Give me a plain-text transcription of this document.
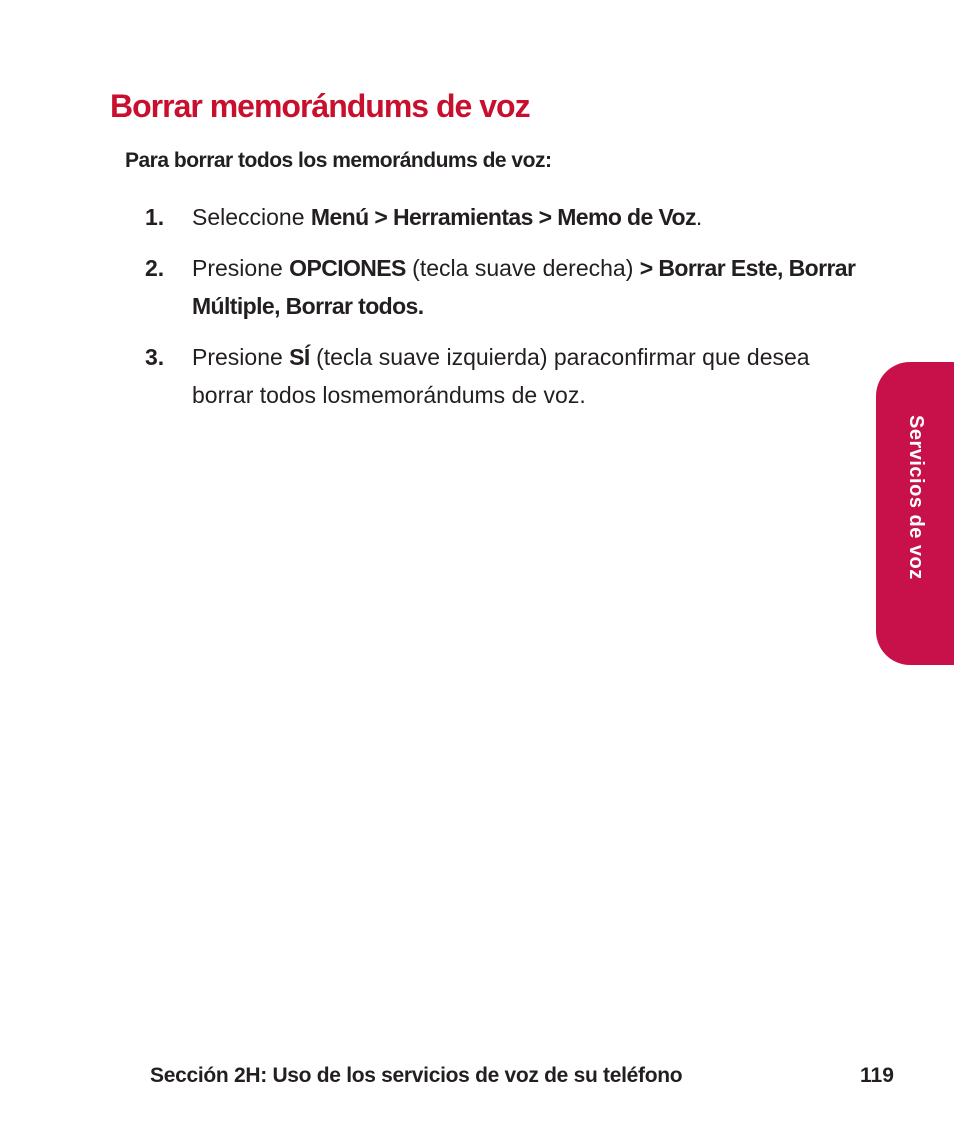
Borrar memorándums de voz

Para borrar todos los memorándums de voz:

1. Seleccione Menú > Herramientas > Memo de Voz.
2. Presione OPCIONES (tecla suave derecha) > Borrar Este, Borrar Múltiple, Borrar todos.
3. Presione SÍ (tecla suave izquierda) paraconfirmar que desea borrar todos losmemorándums de voz.
Servicios de voz
Sección 2H: Uso de los servicios de voz de su teléfono	119
